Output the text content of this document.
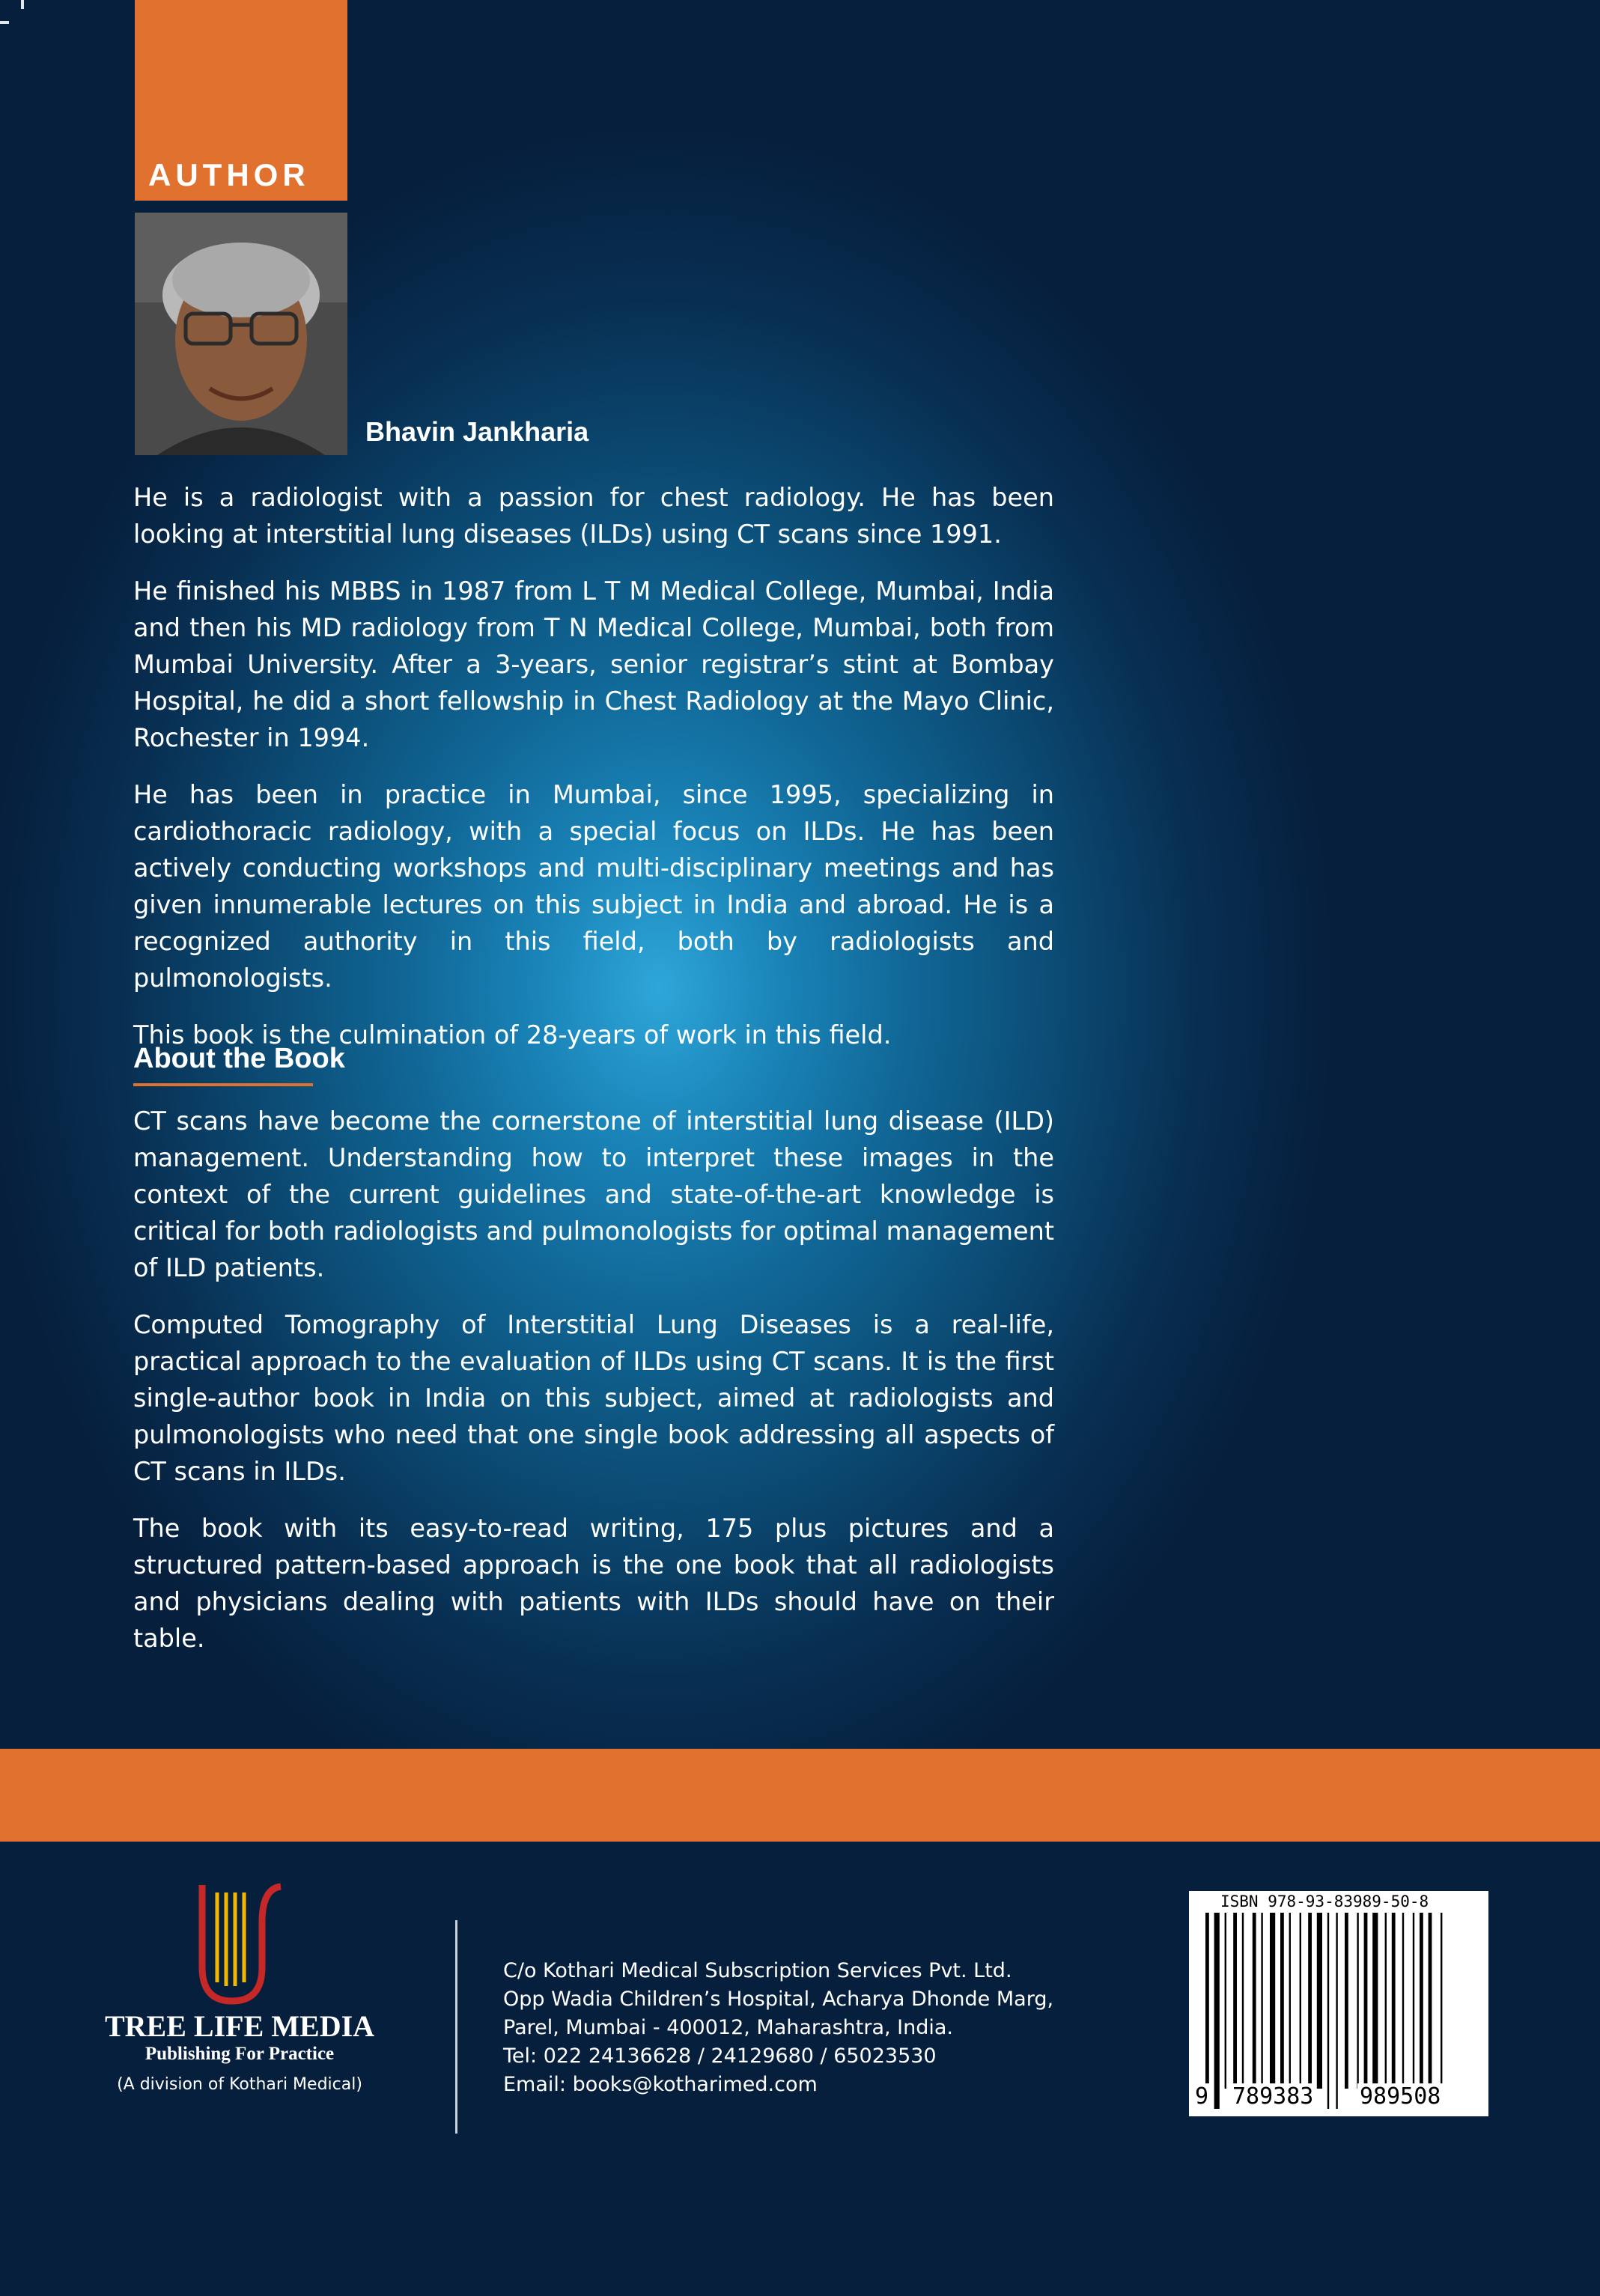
AUTHOR
Bhavin Jankharia

He is a radiologist with a passion for chest radiology. He has been looking at interstitial lung diseases (ILDs) using CT scans since 1991.

He finished his MBBS in 1987 from L T M Medical College, Mumbai, India and then his MD radiology from T N Medical College, Mumbai, both from Mumbai University. After a 3-years, senior registrar’s stint at Bombay Hospital, he did a short fellowship in Chest Radiology at the Mayo Clinic, Rochester in 1994.

He has been in practice in Mumbai, since 1995, specializing in cardiothoracic radiology, with a special focus on ILDs. He has been actively conducting workshops and multi-disciplinary meetings and has given innumerable lectures on this subject in India and abroad. He is a recognized authority in this field, both by radiologists and pulmonologists.

This book is the culmination of 28-years of work in this field.

About the Book

CT scans have become the cornerstone of interstitial lung disease (ILD) management. Understanding how to interpret these images in the context of the current guidelines and state-of-the-art knowledge is critical for both radiologists and pulmonologists for optimal management of ILD patients.

Computed Tomography of Interstitial Lung Diseases is a real-life, practical approach to the evaluation of ILDs using CT scans. It is the first single-author book in India on this subject, aimed at radiologists and pulmonologists who need that one single book addressing all aspects of CT scans in ILDs.

The book with its easy-to-read writing, 175 plus pictures and a structured pattern-based approach is the one book that all radiologists and physicians dealing with patients with ILDs should have on their table.

TREE LIFE MEDIA
Publishing For Practice
(A division of Kothari Medical)
C/o Kothari Medical Subscription Services Pvt. Ltd.
Opp Wadia Children’s Hospital, Acharya Dhonde Marg,
Parel, Mumbai - 400012, Maharashtra, India.
Tel: 022 24136628 / 24129680 / 65023530
Email: books@kotharimed.com
ISBN 978-93-83989-50-8
9 789383 989508
